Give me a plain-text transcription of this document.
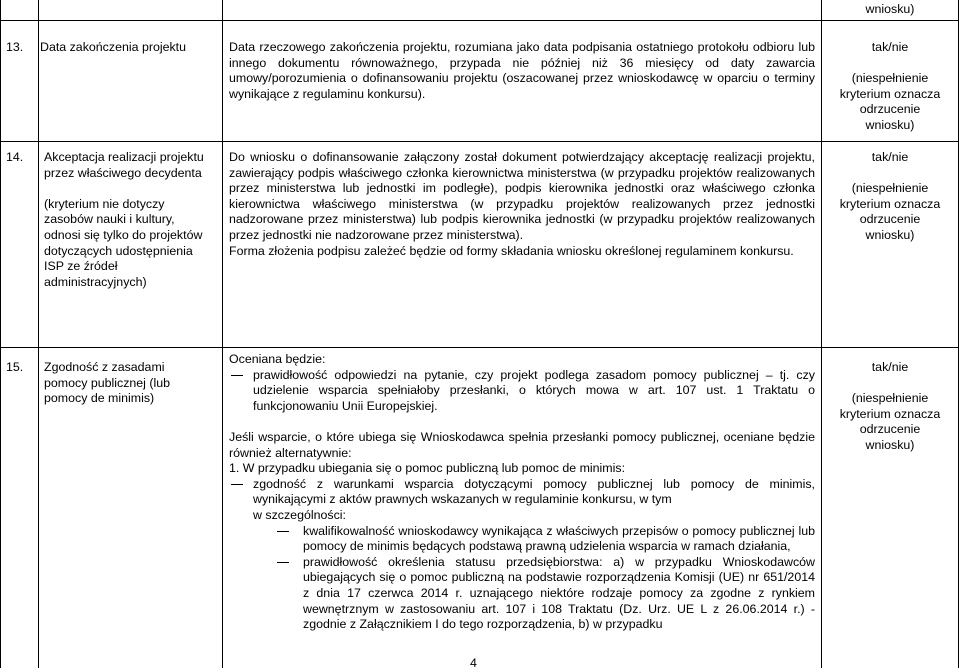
wniosku)
13. Data zakończenia projektu	Data rzeczowego zakończenia projektu, rozumiana jako data podpisania ostatniego protokołu odbioru lub innego dokumentu równoważnego, przypada nie później niż 36 miesięcy od daty zawarcia umowy/porozumienia o dofinansowaniu projektu (oszacowanej przez wnioskodawcę w oparciu o terminy wynikające z regulaminu konkursu).

tak/nie

(niespełnienie

kryterium oznacza

odrzucenie

wniosku)

14. Akceptacja realizacji projektu przez właściwego decydenta

(kryterium nie dotyczy zasobów nauki i kultury, odnosi się tylko do projektów dotyczących udostępnienia ISP ze źródeł administracyjnych)

Do wniosku o dofinansowanie załączony został dokument potwierdzający akceptację realizacji projektu, zawierający podpis właściwego członka kierownictwa ministerstwa (w przypadku projektów realizowanych przez ministerstwa lub jednostki im podległe), podpis kierownika jednostki oraz właściwego członka kierownictwa właściwego ministerstwa (w przypadku projektów realizowanych przez jednostki nadzorowane przez ministerstwa) lub podpis kierownika jednostki (w przypadku projektów realizowanych przez jednostki nie nadzorowane przez ministerstwa).

Forma złożenia podpisu zależeć będzie od formy składania wniosku określonej regulaminem konkursu.

tak/nie

(niespełnienie

kryterium oznacza

odrzucenie

wniosku)

15. Zgodność z zasadami pomocy publicznej (lub pomocy de minimis)

Oceniana będzie:

prawidłowość odpowiedzi na pytanie, czy projekt podlega zasadom pomocy publicznej – tj. czy udzielenie wsparcia spełniałoby przesłanki, o których mowa w art. 107 ust. 1 Traktatu o funkcjonowaniu Unii Europejskiej.

Jeśli wsparcie, o które ubiega się Wnioskodawca spełnia przesłanki pomocy publicznej, oceniane będzie również alternatywnie:

1. W przypadku ubiegania się o pomoc publiczną lub pomoc de minimis:

zgodność z warunkami wsparcia dotyczącymi pomocy publicznej lub pomocy de minimis, wynikającymi z aktów prawnych wskazanych w regulaminie konkursu, w tym

w szczególności:

kwalifikowalność wnioskodawcy wynikająca z właściwych przepisów o pomocy publicznej lub pomocy de minimis będących podstawą prawną udzielenia wsparcia w ramach działania,

prawidłowość określenia statusu przedsiębiorstwa: a) w przypadku Wnioskodawców ubiegających się o pomoc publiczną na podstawie rozporządzenia Komisji (UE) nr 651/2014 z dnia 17 czerwca 2014 r. uznającego niektóre rodzaje pomocy za zgodne z rynkiem wewnętrznym w zastosowaniu art. 107 i 108 Traktatu (Dz. Urz. UE L z 26.06.2014 r.) - zgodnie z Załącznikiem I do tego rozporządzenia, b) w przypadku

tak/nie

(niespełnienie

kryterium oznacza

odrzucenie

wniosku)

4
